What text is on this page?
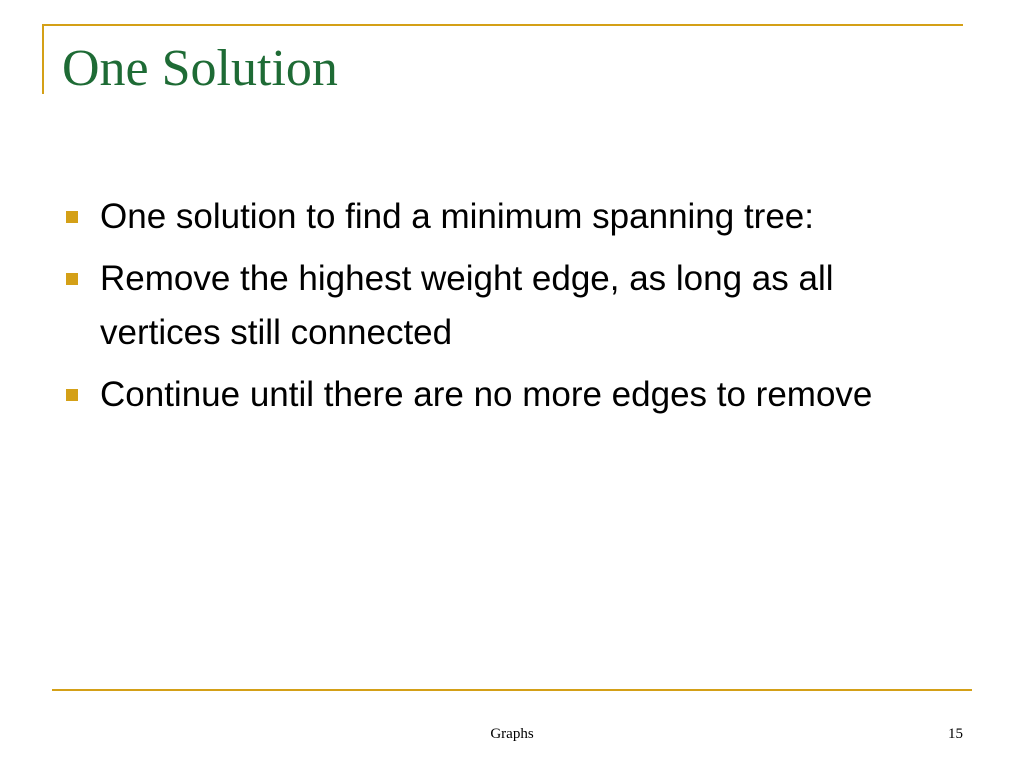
One Solution
One solution to find a minimum spanning tree:
Remove the highest weight edge, as long as all vertices still connected
Continue until there are no more edges to remove
Graphs	15
